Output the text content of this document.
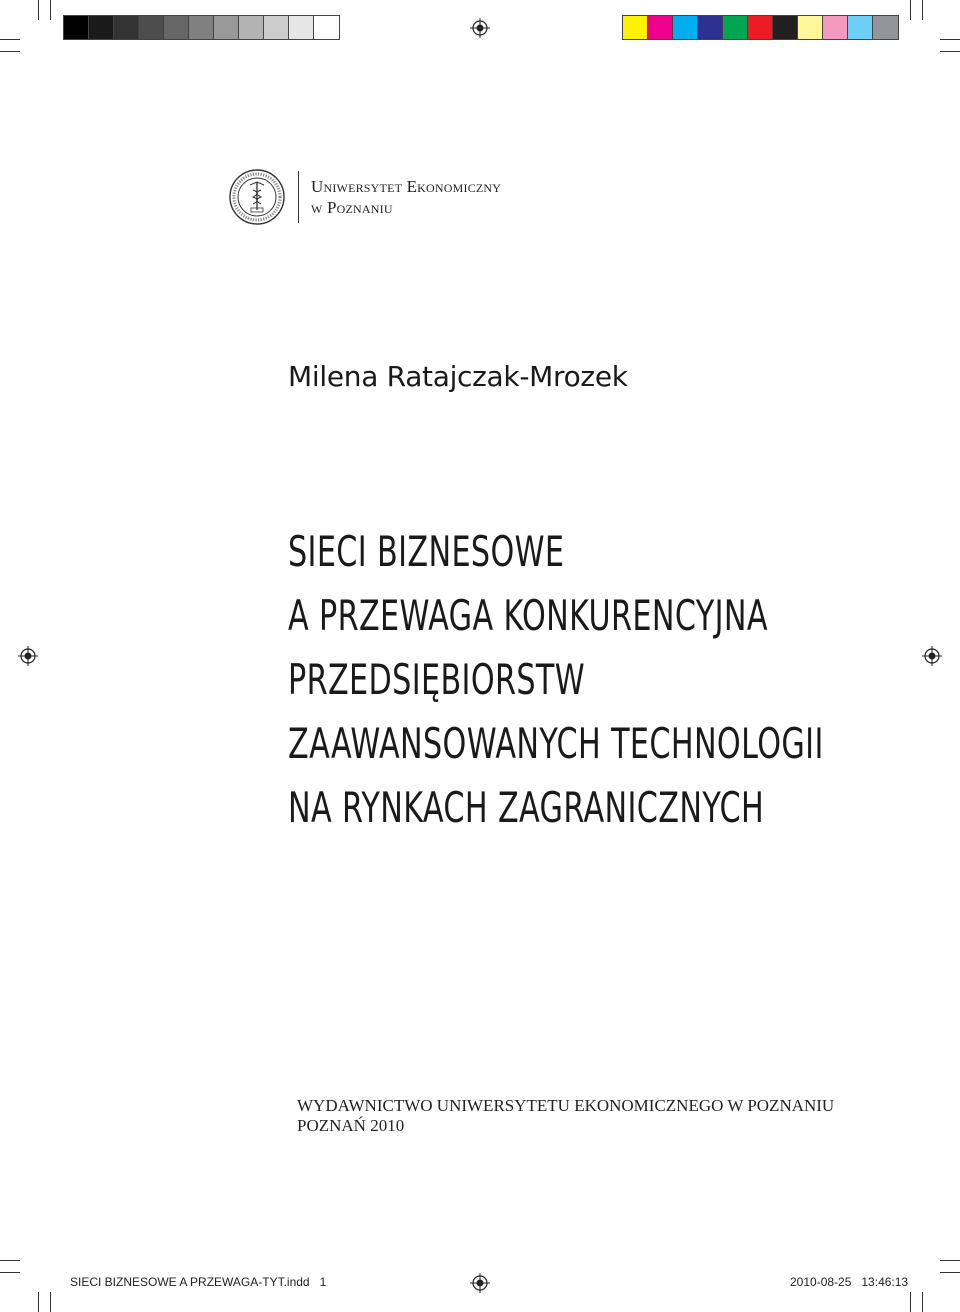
Uniwersytet Ekonomiczny
w Poznaniu
Milena Ratajczak-Mrozek
SIECI BIZNESOWE
A PRZEWAGA KONKURENCYJNA
PRZEDSIĘBIORSTW
ZAAWANSOWANYCH TECHNOLOGII
NA RYNKACH ZAGRANICZNYCH
WYDAWNICTWO UNIWERSYTETU EKONOMICZNEGO W POZNANIU
POZNAŃ 2010
SIECI BIZNESOWE A PRZEWAGA-TYT.indd   1	2010-08-25   13:46:13
